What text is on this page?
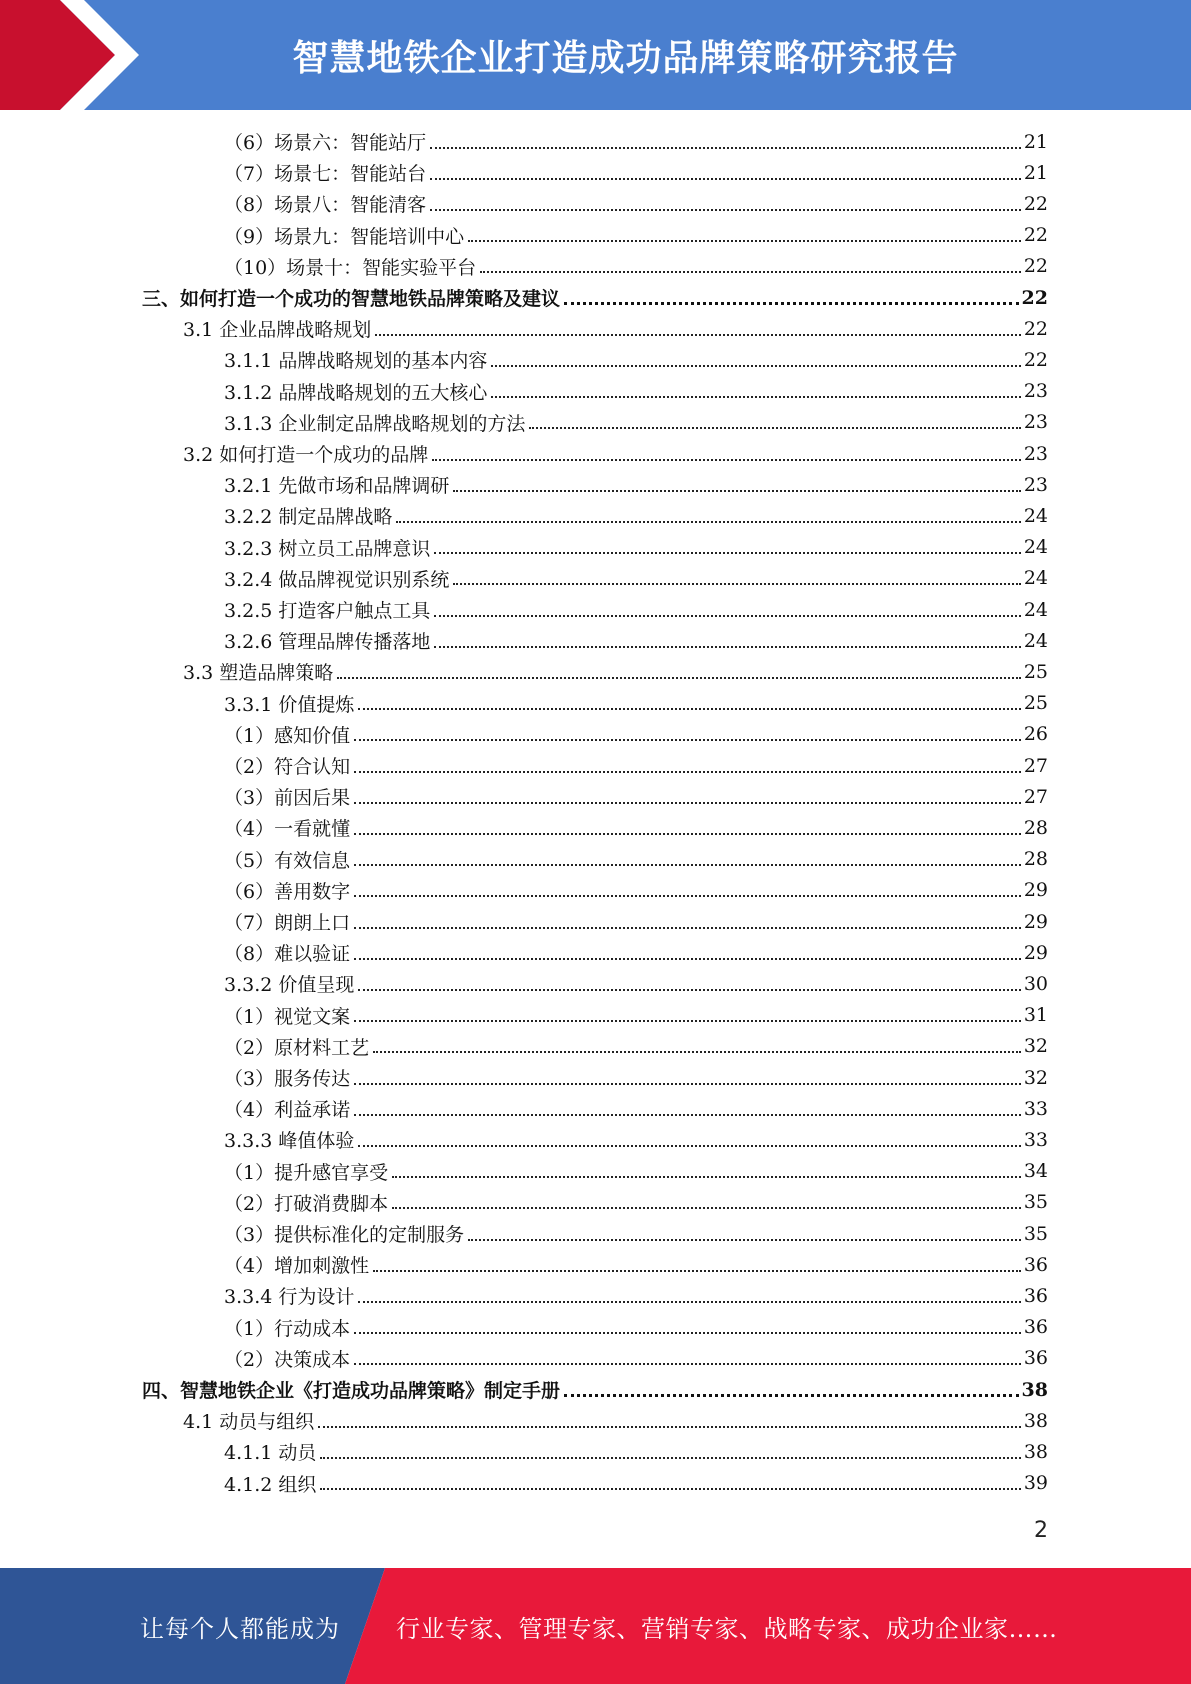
智慧地铁企业打造成功品牌策略研究报告
（6）场景六：智能站厅	21
（7）场景七：智能站台	21
（8）场景八：智能清客	22
（9）场景九：智能培训中心	22
（10）场景十：智能实验平台	22
三、如何打造一个成功的智慧地铁品牌策略及建议	22
3.1 企业品牌战略规划	22
3.1.1 品牌战略规划的基本内容	22
3.1.2 品牌战略规划的五大核心	23
3.1.3 企业制定品牌战略规划的方法	23
3.2 如何打造一个成功的品牌	23
3.2.1 先做市场和品牌调研	23
3.2.2 制定品牌战略	24
3.2.3 树立员工品牌意识	24
3.2.4 做品牌视觉识别系统	24
3.2.5 打造客户触点工具	24
3.2.6 管理品牌传播落地	24
3.3 塑造品牌策略	25
3.3.1 价值提炼	25
（1）感知价值	26
（2）符合认知	27
（3）前因后果	27
（4）一看就懂	28
（5）有效信息	28
（6）善用数字	29
（7）朗朗上口	29
（8）难以验证	29
3.3.2 价值呈现	30
（1）视觉文案	31
（2）原材料工艺	32
（3）服务传达	32
（4）利益承诺	33
3.3.3 峰值体验	33
（1）提升感官享受	34
（2）打破消费脚本	35
（3）提供标准化的定制服务	35
（4）增加刺激性	36
3.3.4 行为设计	36
（1）行动成本	36
（2）决策成本	36
四、智慧地铁企业《打造成功品牌策略》制定手册	38
4.1 动员与组织	38
4.1.1 动员	38
4.1.2 组织	39
2
让每个人都能成为 行业专家、管理专家、营销专家、战略专家、成功企业家……
